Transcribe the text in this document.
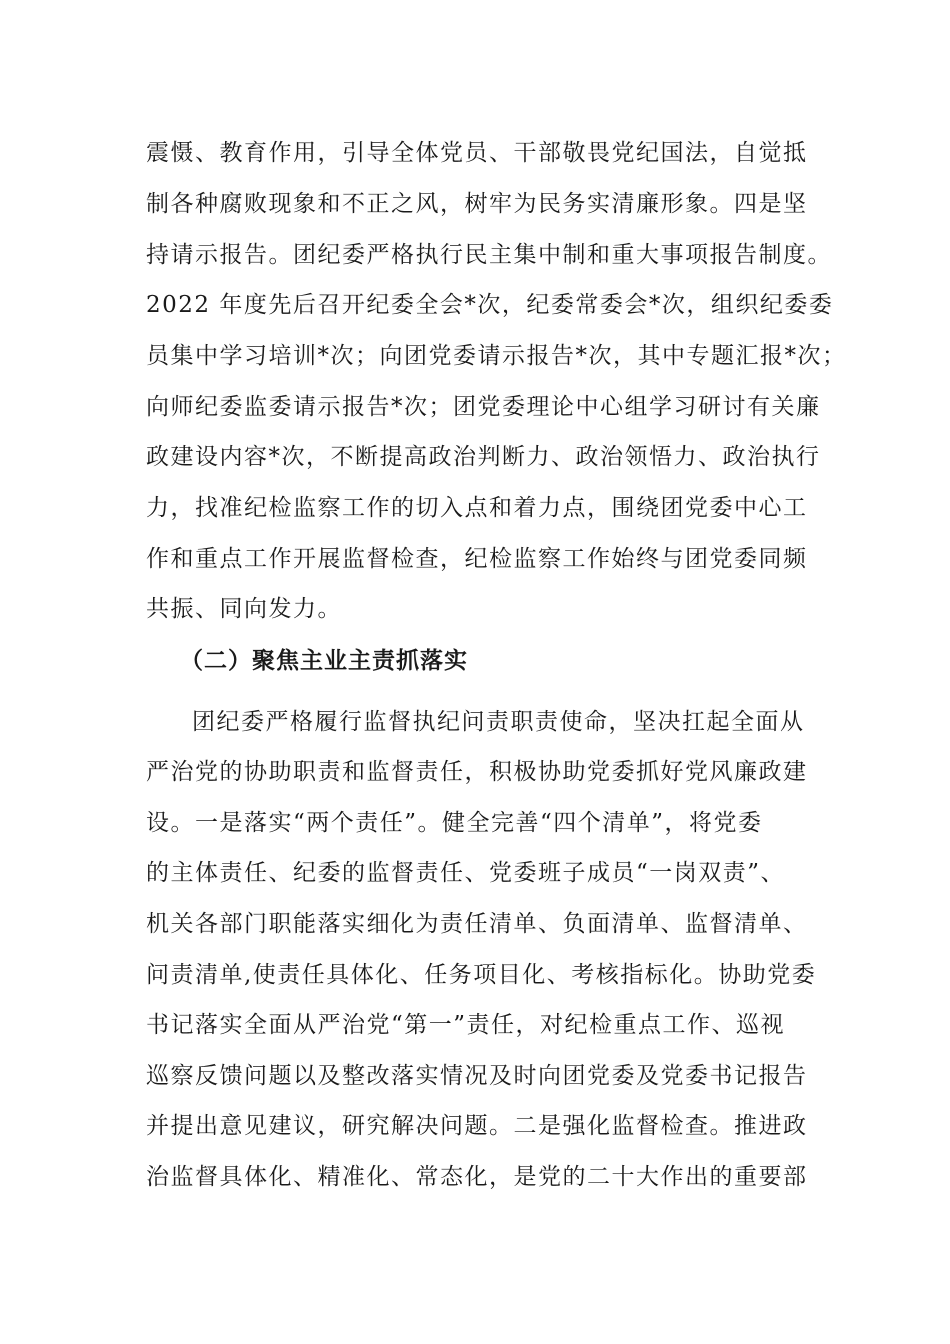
震慑、教育作用，引导全体党员、干部敬畏党纪国法，自觉抵
制各种腐败现象和不正之风，树牢为民务实清廉形象。四是坚
持请示报告。团纪委严格执行民主集中制和重大事项报告制度。
2022 年度先后召开纪委全会*次，纪委常委会*次，组织纪委委
员集中学习培训*次；向团党委请示报告*次，其中专题汇报*次；
向师纪委监委请示报告*次；团党委理论中心组学习研讨有关廉
政建设内容*次，不断提高政治判断力、政治领悟力、政治执行
力，找准纪检监察工作的切入点和着力点，围绕团党委中心工
作和重点工作开展监督检查，纪检监察工作始终与团党委同频
共振、同向发力。
（二）聚焦主业主责抓落实
团纪委严格履行监督执纪问责职责使命，坚决扛起全面从
严治党的协助职责和监督责任，积极协助党委抓好党风廉政建
设。一是落实“两个责任”。健全完善“四个清单”，将党委
的主体责任、纪委的监督责任、党委班子成员“一岗双责”、
机关各部门职能落实细化为责任清单、负面清单、监督清单、
问责清单,使责任具体化、任务项目化、考核指标化。协助党委
书记落实全面从严治党“第一”责任，对纪检重点工作、巡视
巡察反馈问题以及整改落实情况及时向团党委及党委书记报告
并提出意见建议，研究解决问题。二是强化监督检查。推进政
治监督具体化、精准化、常态化，是党的二十大作出的重要部
